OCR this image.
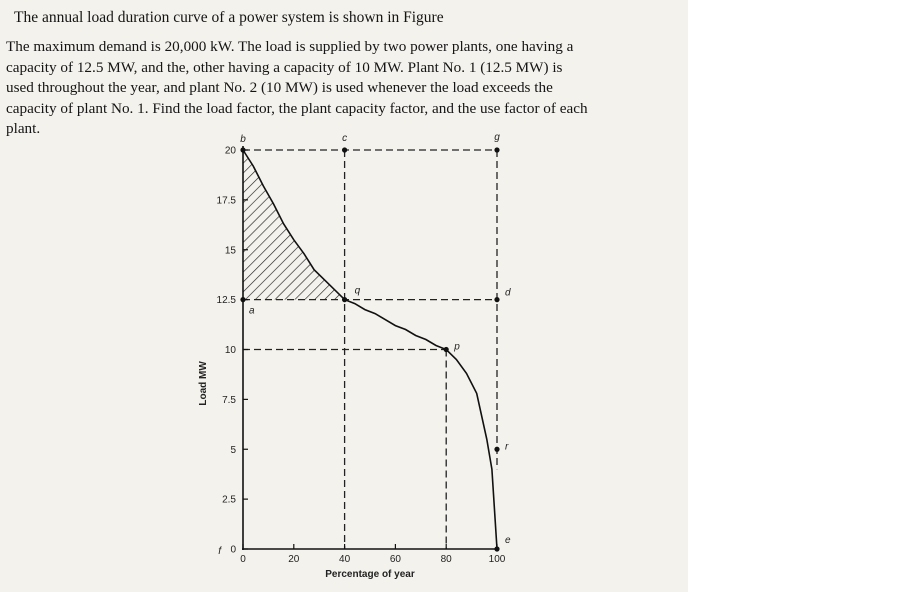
The annual load duration curve of a power system is shown in Figure
The maximum demand is 20,000 kW. The load is supplied by two power plants, one having a
capacity of 12.5 MW, and the, other having a capacity of 10 MW. Plant No. 1 (12.5 MW) is
used throughout the year, and plant No. 2 (10 MW) is used whenever the load exceeds the
capacity of plant No. 1. Find the load factor, the plant capacity factor, and the use factor of each
plant.
0
2.5
5
7.5
10
12.5
15
17.5
20
0	20	40	60	80	100
Percentage of year
Load MW
f
a
b	c
q
p
g
d
r
e
